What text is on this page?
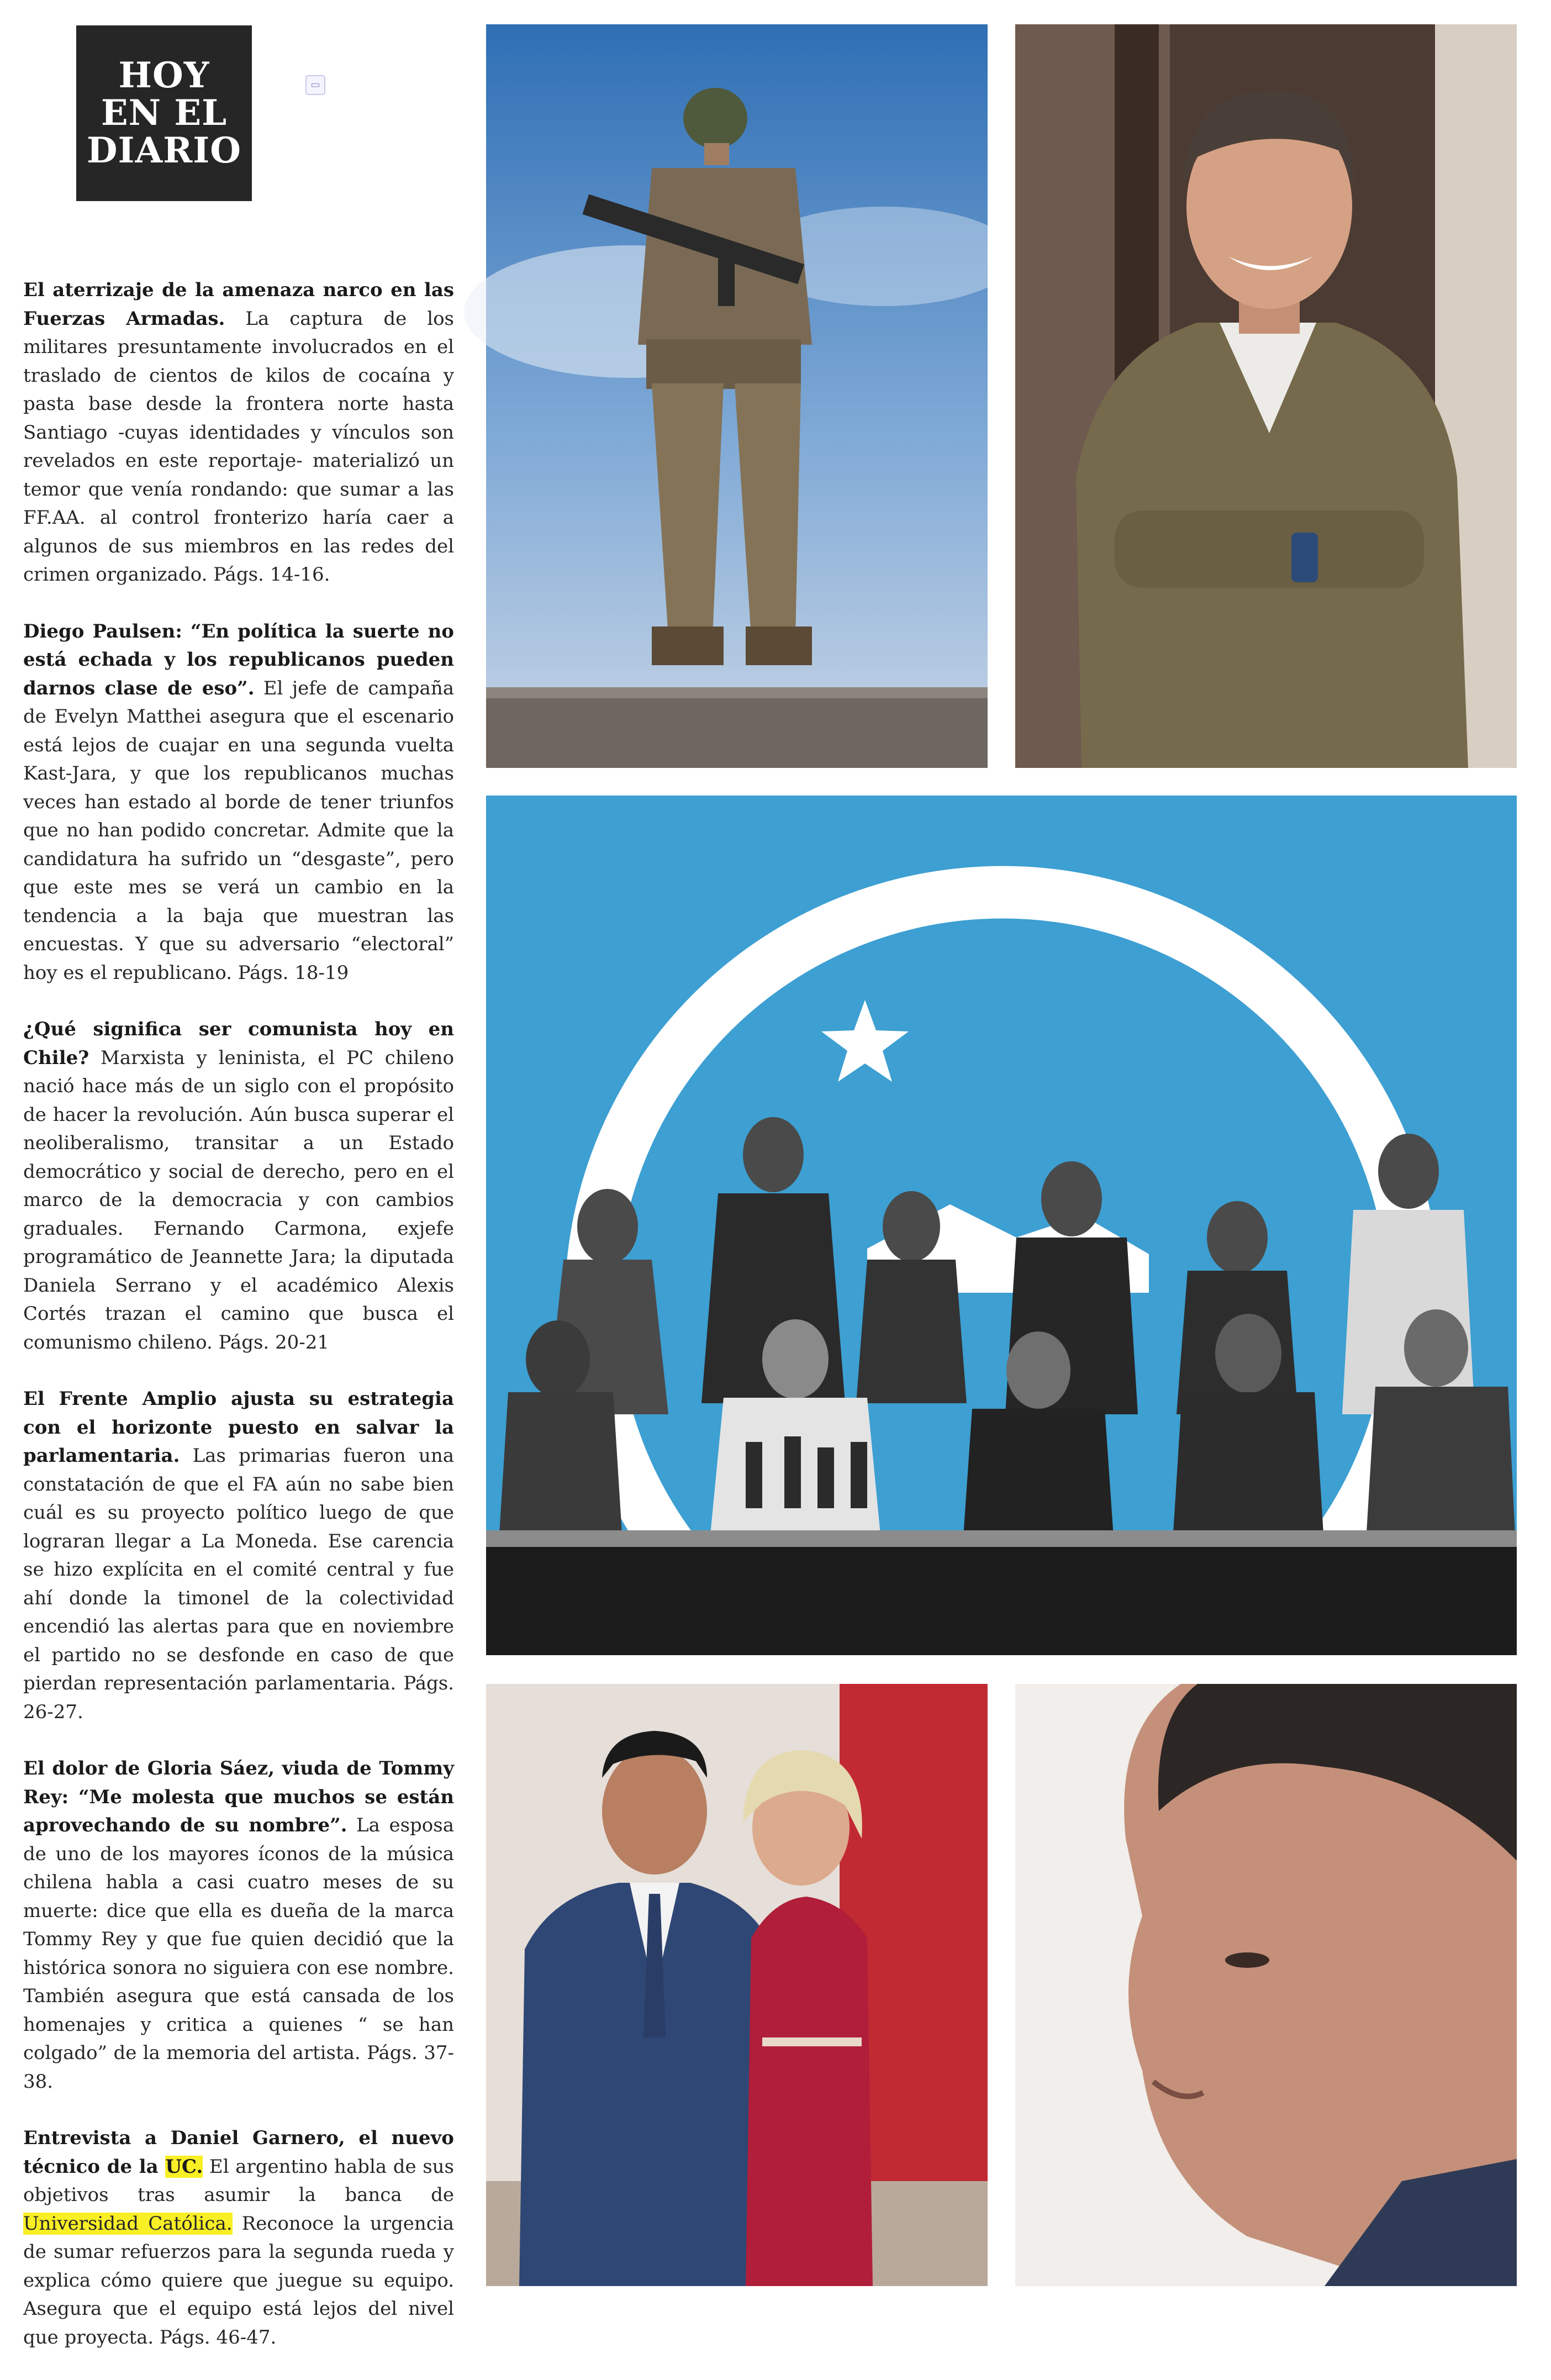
HOY
EN EL
DIARIO
▭

El aterrizaje de la amenaza narco en las Fuerzas Armadas. La captura de los militares presuntamente involucrados en el traslado de cientos de kilos de cocaína y pasta base desde la frontera norte hasta Santiago -cuyas identidades y vínculos son revelados en este reportaje- materializó un temor que venía rondando: que sumar a las FF.AA. al control fronterizo haría caer a algunos de sus miembros en las redes del crimen organizado. Págs. 14-16.

Diego Paulsen: “En política la suerte no está echada y los republicanos pueden darnos clase de eso”. El jefe de campaña de Evelyn Matthei asegura que el escenario está lejos de cuajar en una segunda vuelta Kast-Jara, y que los republicanos muchas veces han estado al borde de tener triunfos que no han podido concretar. Admite que la candidatura ha sufrido un “desgaste”, pero que este mes se verá un cambio en la tendencia a la baja que muestran las encuestas. Y que su adversario “electoral” hoy es el republicano. Págs. 18-19

¿Qué significa ser comunista hoy en Chile? Marxista y leninista, el PC chileno nació hace más de un siglo con el propósito de hacer la revolución. Aún busca superar el neoliberalismo, transitar a un Estado democrático y social de derecho, pero en el marco de la democracia y con cambios graduales. Fernando Carmona, exjefe programático de Jeannette Jara; la diputada Daniela Serrano y el académico Alexis Cortés trazan el camino que busca el comunismo chileno. Págs. 20-21

El Frente Amplio ajusta su estrategia con el horizonte puesto en salvar la parlamentaria. Las primarias fueron una constatación de que el FA aún no sabe bien cuál es su proyecto político luego de que lograran llegar a La Moneda. Ese carencia se hizo explícita en el comité central y fue ahí donde la timonel de la colectividad encendió las alertas para que en noviembre el partido no se desfonde en caso de que pierdan representación parlamentaria. Págs. 26-27.

El dolor de Gloria Sáez, viuda de Tommy Rey: “Me molesta que muchos se están aprovechando de su nombre”. La esposa de uno de los mayores íconos de la música chilena habla a casi cuatro meses de su muerte: dice que ella es dueña de la marca Tommy Rey y que fue quien decidió que la histórica sonora no siguiera con ese nombre. También asegura que está cansada de los homenajes y critica a quienes “ se han colgado” de la memoria del artista. Págs. 37-38.

Entrevista a Daniel Garnero, el nuevo técnico de la UC. El argentino habla de sus objetivos tras asumir la banca de Universidad Católica. Reconoce la urgencia de sumar refuerzos para la segunda rueda y explica cómo quiere que juegue su equipo. Asegura que el equipo está lejos del nivel que proyecta. Págs. 46-47.
